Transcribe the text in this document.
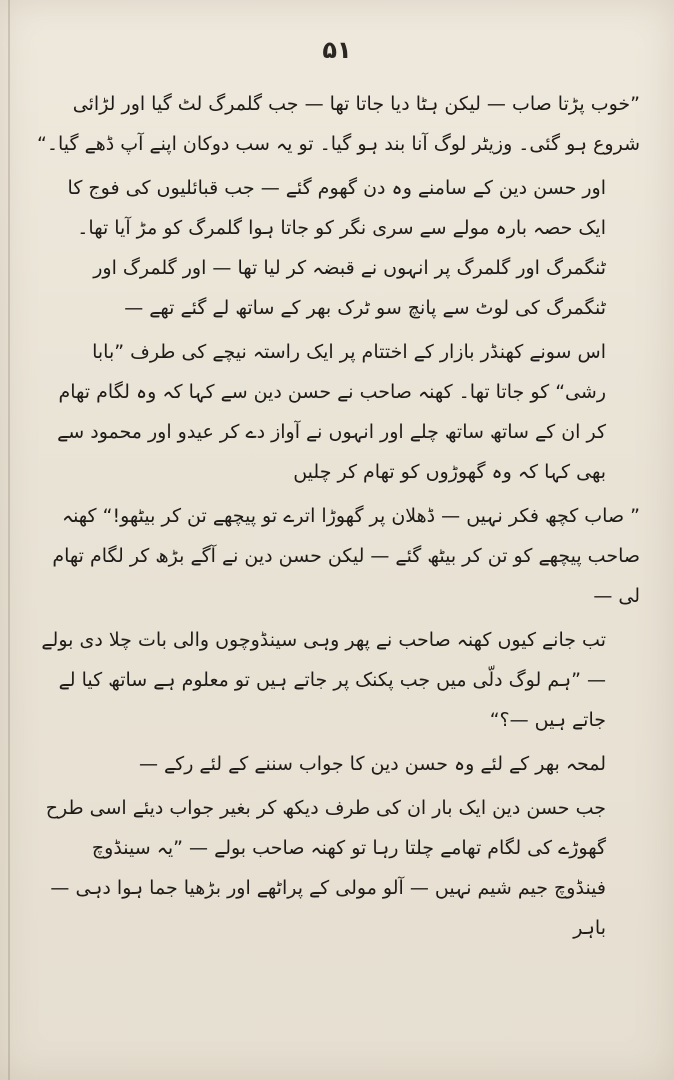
۵۱

”خوب پڑتا صاب — لیکن ہٹا دیا جاتا تھا — جب گلمرگ لٹ گیا اور لڑائی شروع ہو گئی۔ وزیٹر لوگ آنا بند ہو گیا۔ تو یہ سب دوکان اپنے آپ ڈھے گیا۔“

اور حسن دین کے سامنے وہ دن گھوم گئے — جب قبائلیوں کی فوج کا ایک حصہ بارہ مولے سے سری نگر کو جاتا ہوا گلمرگ کو مڑ آیا تھا۔ ٹنگمرگ اور گلمرگ پر انہوں نے قبضہ کر لیا تھا — اور گلمرگ اور ٹنگمرگ کی لوٹ سے پانچ سو ٹرک بھر کے ساتھ لے گئے تھے —

اس سونے کھنڈر بازار کے اختتام پر ایک راستہ نیچے کی طرف ”بابا رشی“ کو جاتا تھا۔ کھنہ صاحب نے حسن دین سے کہا کہ وہ لگام تھام کر ان کے ساتھ ساتھ چلے اور انہوں نے آواز دے کر عیدو اور محمود سے بھی کہا کہ وہ گھوڑوں کو تھام کر چلیں

” صاب کچھ فکر نہیں — ڈھلان پر گھوڑا اترے تو پیچھے تن کر بیٹھو!“ کھنہ صاحب پیچھے کو تن کر بیٹھ گئے — لیکن حسن دین نے آگے بڑھ کر لگام تھام لی —

تب جانے کیوں کھنہ صاحب نے پھر وہی سینڈوچوں والی بات چلا دی بولے — ”ہم لوگ دلّی میں جب پکنک پر جاتے ہیں تو معلوم ہے ساتھ کیا لے جاتے ہیں —؟“

لمحہ بھر کے لئے وہ حسن دین کا جواب سننے کے لئے رکے —

جب حسن دین ایک بار ان کی طرف دیکھ کر بغیر جواب دیئے اسی طرح گھوڑے کی لگام تھامے چلتا رہا تو کھنہ صاحب بولے — ”یہ سینڈوچ فینڈوچ جیم شیم نہیں — آلو مولی کے پراٹھے اور بڑھیا جما ہوا دہی — باہر
